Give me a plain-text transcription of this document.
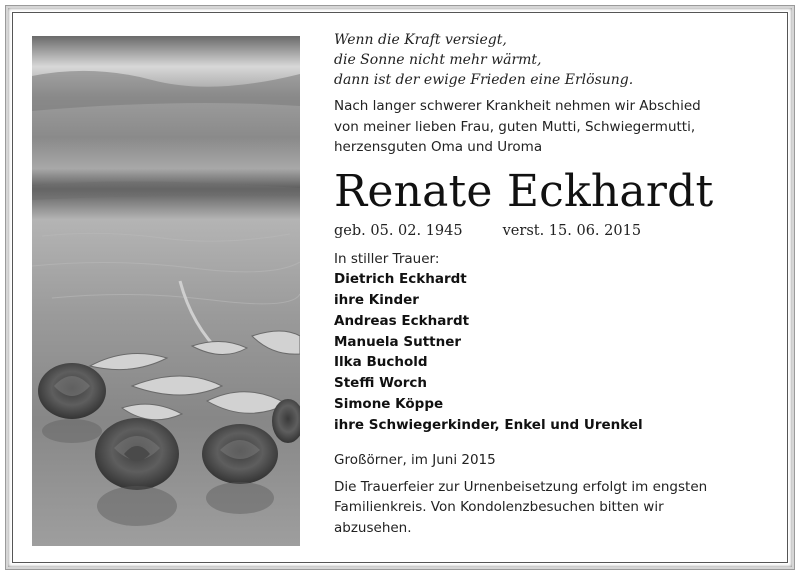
Wenn die Kraft versiegt,
die Sonne nicht mehr wärmt,
dann ist der ewige Frieden eine Erlösung.
Nach langer schwerer Krankheit nehmen wir Abschied
von meiner lieben Frau, guten Mutti, Schwiegermutti,
herzensguten Oma und Uroma
Renate Eckhardt
geb. 05. 02. 1945	verst. 15. 06. 2015
In stiller Trauer:
Dietrich Eckhardt
ihre Kinder
Andreas Eckhardt
Manuela Suttner
Ilka Buchold
Steffi Worch
Simone Köppe
ihre Schwiegerkinder, Enkel und Urenkel
Großörner, im Juni 2015
Die Trauerfeier zur Urnenbeisetzung erfolgt im engsten
Familienkreis. Von Kondolenzbesuchen bitten wir
abzusehen.
